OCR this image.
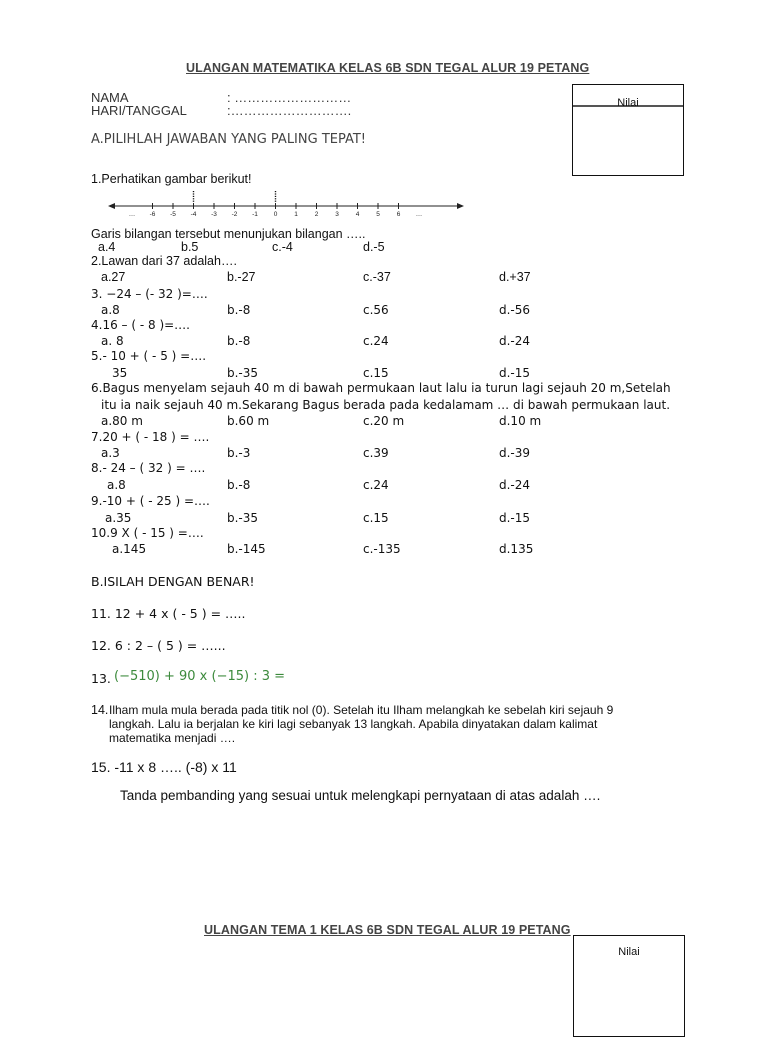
ULANGAN MATEMATIKA KELAS 6B SDN TEGAL ALUR 19 PETANG
Nilai
NAMA	: ………………………
HARI/TANGGAL	:……………………….
A.PILIHLAH JAWABAN YANG PALING TEPAT!
1.Perhatikan gambar berikut!
… -6 -5 -4 -3 -2 -1 0	1	2	3	4	5	6 …
Garis bilangan tersebut menunjukan bilangan …..
a.4	b.5	c.-4	d.-5
2.Lawan dari 37 adalah….
a.27	b.-27	c.-37	d.+37
3. −24 – (- 32 )=….
a.8	b.-8	c.56	d.-56
4.16 – ( - 8 )=….
a. 8	b.-8	c.24	d.-24
5.- 10 + ( - 5 ) =….
35	b.-35	c.15	d.-15
6.Bagus menyelam sejauh 40 m di bawah permukaan laut lalu ia turun lagi sejauh 20 m,Setelah
itu ia naik sejauh 40 m.Sekarang Bagus berada pada kedalamam … di bawah permukaan laut.
a.80 m	b.60 m	c.20 m	d.10 m
7.20 + ( - 18 ) = ….
a.3	b.-3	c.39	d.-39
8.- 24 – ( 32 ) = ….
a.8	b.-8	c.24	d.-24
9.-10 + ( - 25 ) =….
a.35	b.-35	c.15	d.-15
10.9 X ( - 15 ) =….
a.145	b.-145	c.-135	d.135
B.ISILAH DENGAN BENAR!
11. 12 + 4 x ( - 5 ) = …..
12. 6 : 2 – ( 5 ) = …...
13. (−510) + 90 x (−15) : 3 =
14. Ilham mula mula berada pada titik nol (0). Setelah itu Ilham melangkah ke sebelah kiri sejauh 9
langkah. Lalu ia berjalan ke kiri lagi sebanyak 13 langkah. Apabila dinyatakan dalam kalimat
matematika menjadi ….
15. -11 x 8 ….. (-8) x 11
Tanda pembanding yang sesuai untuk melengkapi pernyataan di atas adalah ….
ULANGAN TEMA 1 KELAS 6B SDN TEGAL ALUR 19 PETANG
Nilai
